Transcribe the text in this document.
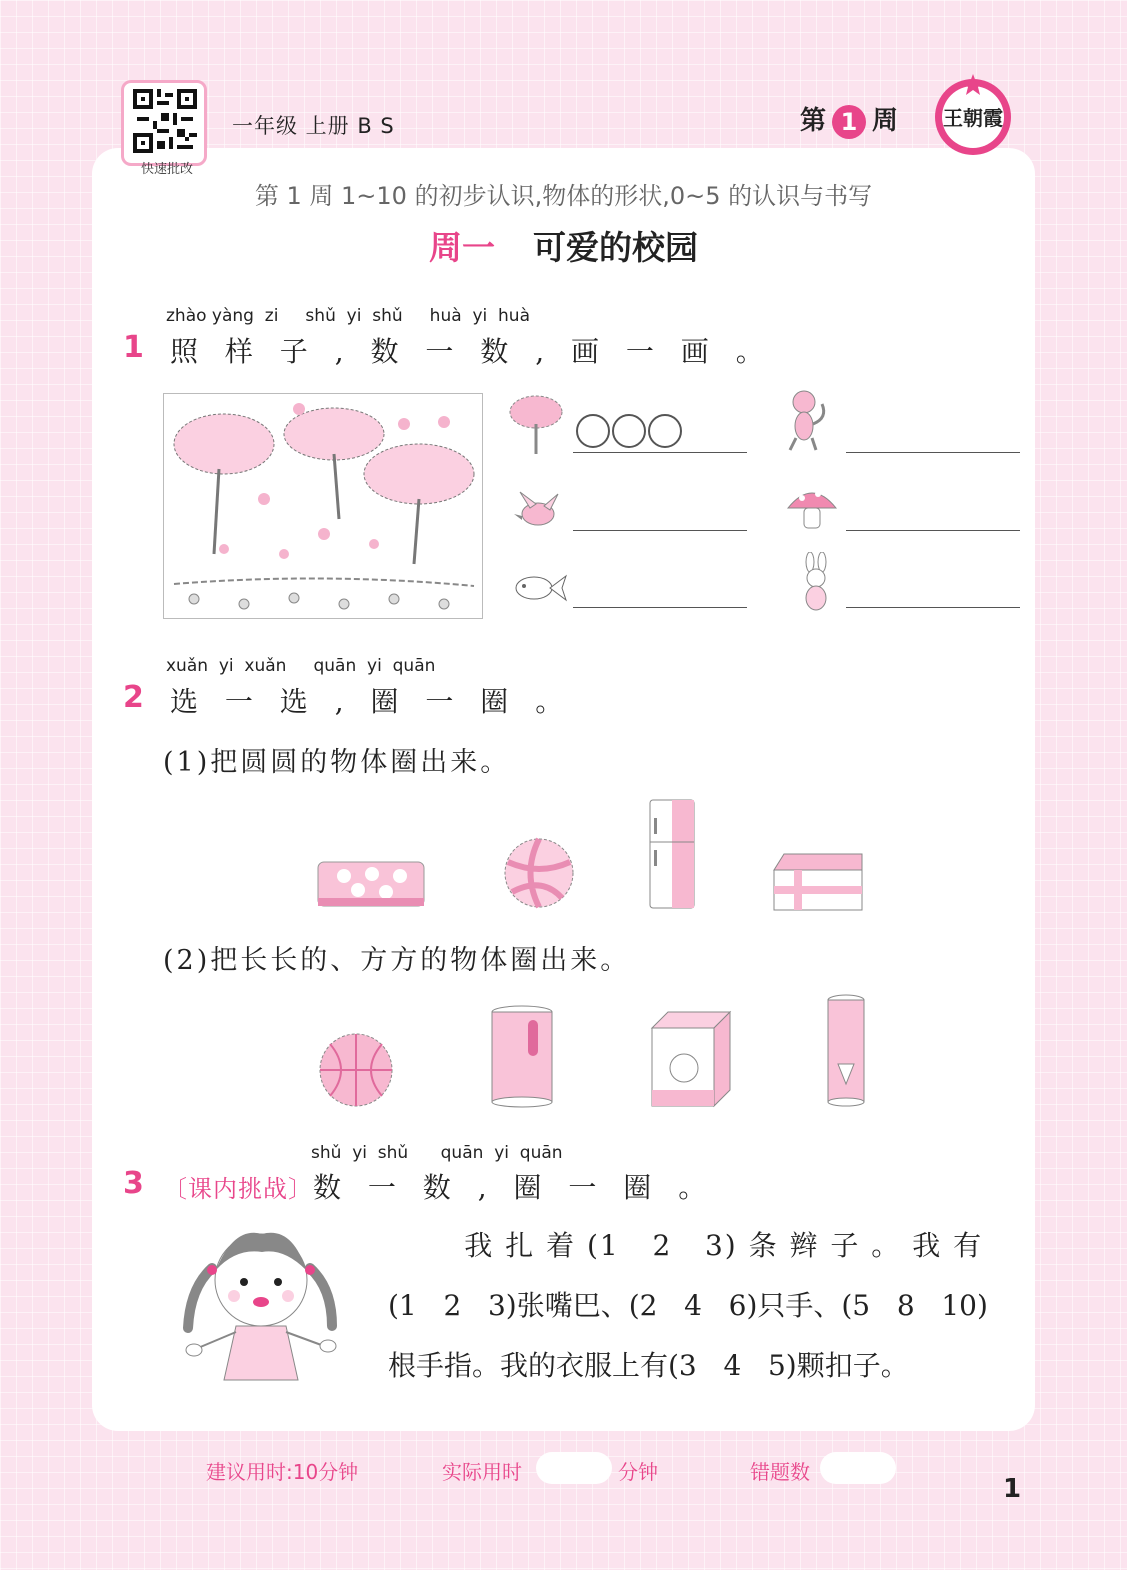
快速批改
一年级 上册 B S	第 1 周 王朝霞
第 1 周 1~10 的初步认识,物体的形状,0~5 的认识与书写
周一 可爱的校园
zhào yàng  zi     shǔ  yi  shǔ     huà  yi  huà
1 照 样 子 , 数 一 数 , 画 一 画 。
xuǎn  yi  xuǎn     quān  yi  quān
2 选 一 选 , 圈 一 圈 。
(1)把圆圆的物体圈出来。
(2)把长长的、方方的物体圈出来。
shǔ  yi  shǔ      quān  yi  quān
3 〔课内挑战〕数 一 数 , 圈 一 圈 。
我 扎 着 (1   2   3) 条 辫 子 。 我 有
(1   2   3)张嘴巴、(2   4   6)只手、(5   8   10)
根手指。我的衣服上有(3   4   5)颗扣子。
建议用时:10分钟	实际用时	分钟	错题数
1
